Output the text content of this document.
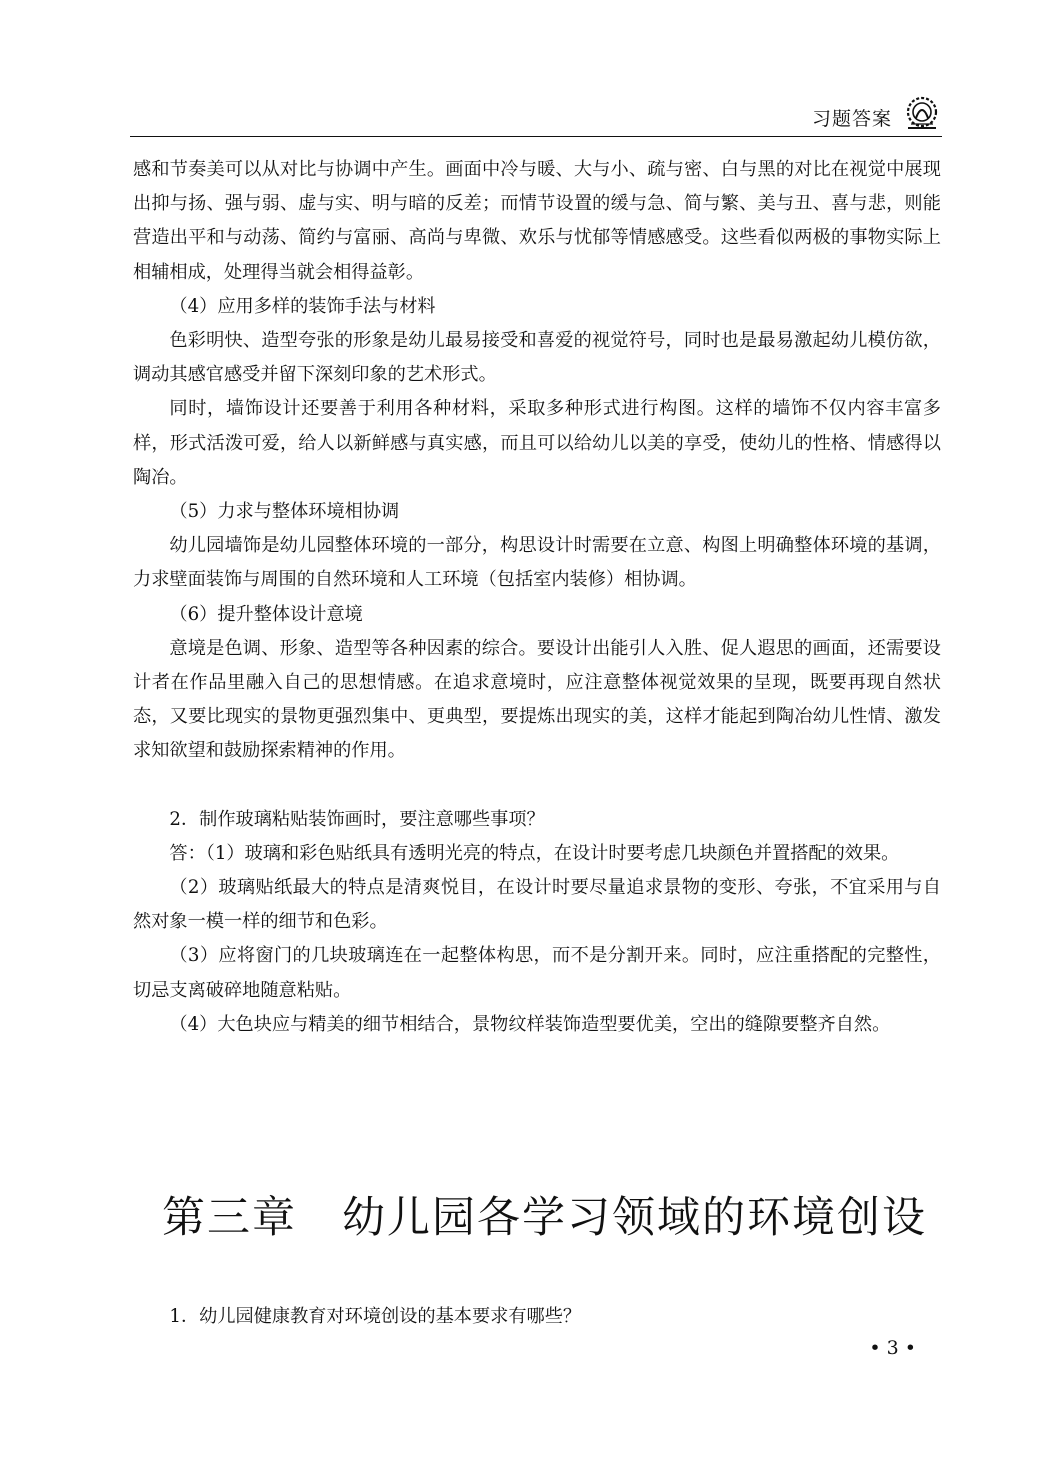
习题答案

感和节奏美可以从对比与协调中产生。画面中冷与暖、大与小、疏与密、白与黑的对比在视觉中展现出抑与扬、强与弱、虚与实、明与暗的反差；而情节设置的缓与急、简与繁、美与丑、喜与悲，则能营造出平和与动荡、简约与富丽、高尚与卑微、欢乐与忧郁等情感感受。这些看似两极的事物实际上相辅相成，处理得当就会相得益彰。

（4）应用多样的装饰手法与材料

色彩明快、造型夸张的形象是幼儿最易接受和喜爱的视觉符号，同时也是最易激起幼儿模仿欲，调动其感官感受并留下深刻印象的艺术形式。

同时，墙饰设计还要善于利用各种材料，采取多种形式进行构图。这样的墙饰不仅内容丰富多样，形式活泼可爱，给人以新鲜感与真实感，而且可以给幼儿以美的享受，使幼儿的性格、情感得以陶冶。

（5）力求与整体环境相协调

幼儿园墙饰是幼儿园整体环境的一部分，构思设计时需要在立意、构图上明确整体环境的基调，力求壁面装饰与周围的自然环境和人工环境（包括室内装修）相协调。

（6）提升整体设计意境

意境是色调、形象、造型等各种因素的综合。要设计出能引人入胜、促人遐思的画面，还需要设计者在作品里融入自己的思想情感。在追求意境时，应注意整体视觉效果的呈现，既要再现自然状态，又要比现实的景物更强烈集中、更典型，要提炼出现实的美，这样才能起到陶冶幼儿性情、激发求知欲望和鼓励探索精神的作用。

2．制作玻璃粘贴装饰画时，要注意哪些事项？

答：（1）玻璃和彩色贴纸具有透明光亮的特点，在设计时要考虑几块颜色并置搭配的效果。

（2）玻璃贴纸最大的特点是清爽悦目，在设计时要尽量追求景物的变形、夸张，不宜采用与自然对象一模一样的细节和色彩。

（3）应将窗门的几块玻璃连在一起整体构思，而不是分割开来。同时，应注重搭配的完整性，切忌支离破碎地随意粘贴。

（4）大色块应与精美的细节相结合，景物纹样装饰造型要优美，空出的缝隙要整齐自然。

第三章　幼儿园各学习领域的环境创设

1．幼儿园健康教育对环境创设的基本要求有哪些？

• 3 •
